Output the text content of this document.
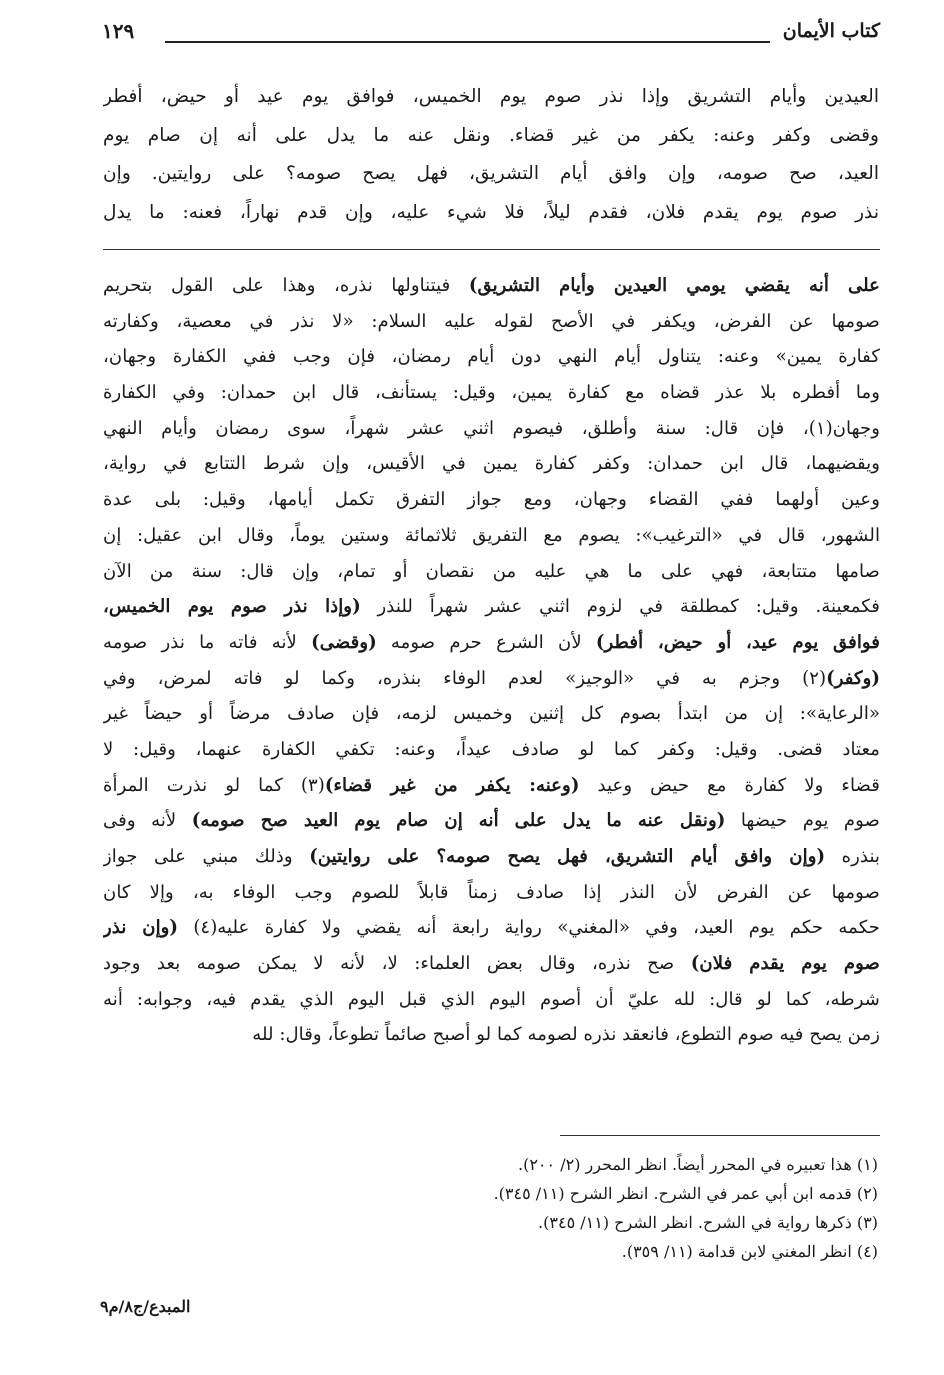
كتاب الأيمان
١٢٩
العيدين وأيام التشريق وإذا نذر صوم يوم الخميس، فوافق يوم عيد أو حيض، أفطر
وقضى وكفر وعنه: يكفر من غير قضاء. ونقل عنه ما يدل على أنه إن صام يوم
العيد، صح صومه، وإن وافق أيام التشريق، فهل يصح صومه؟ على روايتين. وإن
نذر صوم يوم يقدم فلان، فقدم ليلاً، فلا شيء عليه، وإن قدم نهاراً، فعنه: ما يدل
على أنه يقضي يومي العيدين وأيام التشريق) فيتناولها نذره، وهذا على القول بتحريم
صومها عن الفرض، ويكفر في الأصح لقوله عليه السلام: «لا نذر في معصية، وكفارته
كفارة يمين» وعنه: يتناول أيام النهي دون أيام رمضان، فإن وجب ففي الكفارة وجهان،
وما أفطره بلا عذر قضاه مع كفارة يمين، وقيل: يستأنف، قال ابن حمدان: وفي الكفارة
وجهان(١)، فإن قال: سنة وأطلق، فيصوم اثني عشر شهراً، سوى رمضان وأيام النهي
ويقضيهما، قال ابن حمدان: وكفر كفارة يمين في الأقيس، وإن شرط التتابع في رواية،
وعين أولهما ففي القضاء وجهان، ومع جواز التفرق تكمل أيامها، وقيل: بلى عدة
الشهور، قال في «الترغيب»: يصوم مع التفريق ثلاثمائة وستين يوماً، وقال ابن عقيل: إن
صامها متتابعة، فهي على ما هي عليه من نقصان أو تمام، وإن قال: سنة من الآن
فكمعينة. وقيل: كمطلقة في لزوم اثني عشر شهراً للنذر (وإذا نذر صوم يوم الخميس،
فوافق يوم عيد، أو حيض، أفطر) لأن الشرع حرم صومه (وقضى) لأنه فاته ما نذر صومه
(وكفر)(٢) وجزم به في «الوجيز» لعدم الوفاء بنذره، وكما لو فاته لمرض، وفي
«الرعاية»: إن من ابتدأ بصوم كل إثنين وخميس لزمه، فإن صادف مرضاً أو حيضاً غير
معتاد قضى. وقيل: وكفر كما لو صادف عيداً، وعنه: تكفي الكفارة عنهما، وقيل: لا
قضاء ولا كفارة مع حيض وعيد (وعنه: يكفر من غير قضاء)(٣) كما لو نذرت المرأة
صوم يوم حيضها (ونقل عنه ما يدل على أنه إن صام يوم العيد صح صومه) لأنه وفى
بنذره (وإن وافق أيام التشريق، فهل يصح صومه؟ على روايتين) وذلك مبني على جواز
صومها عن الفرض لأن النذر إذا صادف زمناً قابلاً للصوم وجب الوفاء به، وإلا كان
حكمه حكم يوم العيد، وفي «المغني» رواية رابعة أنه يقضي ولا كفارة عليه(٤) (وإن نذر
صوم يوم يقدم فلان) صح نذره، وقال بعض العلماء: لا، لأنه لا يمكن صومه بعد وجود
شرطه، كما لو قال: لله عليّ أن أصوم اليوم الذي قبل اليوم الذي يقدم فيه، وجوابه: أنه
زمن يصح فيه صوم التطوع، فانعقد نذره لصومه كما لو أصبح صائماً تطوعاً، وقال: لله
(١) هذا تعبيره في المحرر أيضاً. انظر المحرر (٢/ ٢٠٠).
(٢) قدمه ابن أبي عمر في الشرح. انظر الشرح (١١/ ٣٤٥).
(٣) ذكرها رواية في الشرح. انظر الشرح (١١/ ٣٤٥).
(٤) انظر المغني لابن قدامة (١١/ ٣٥٩).
المبدع/ج٨/م٩
